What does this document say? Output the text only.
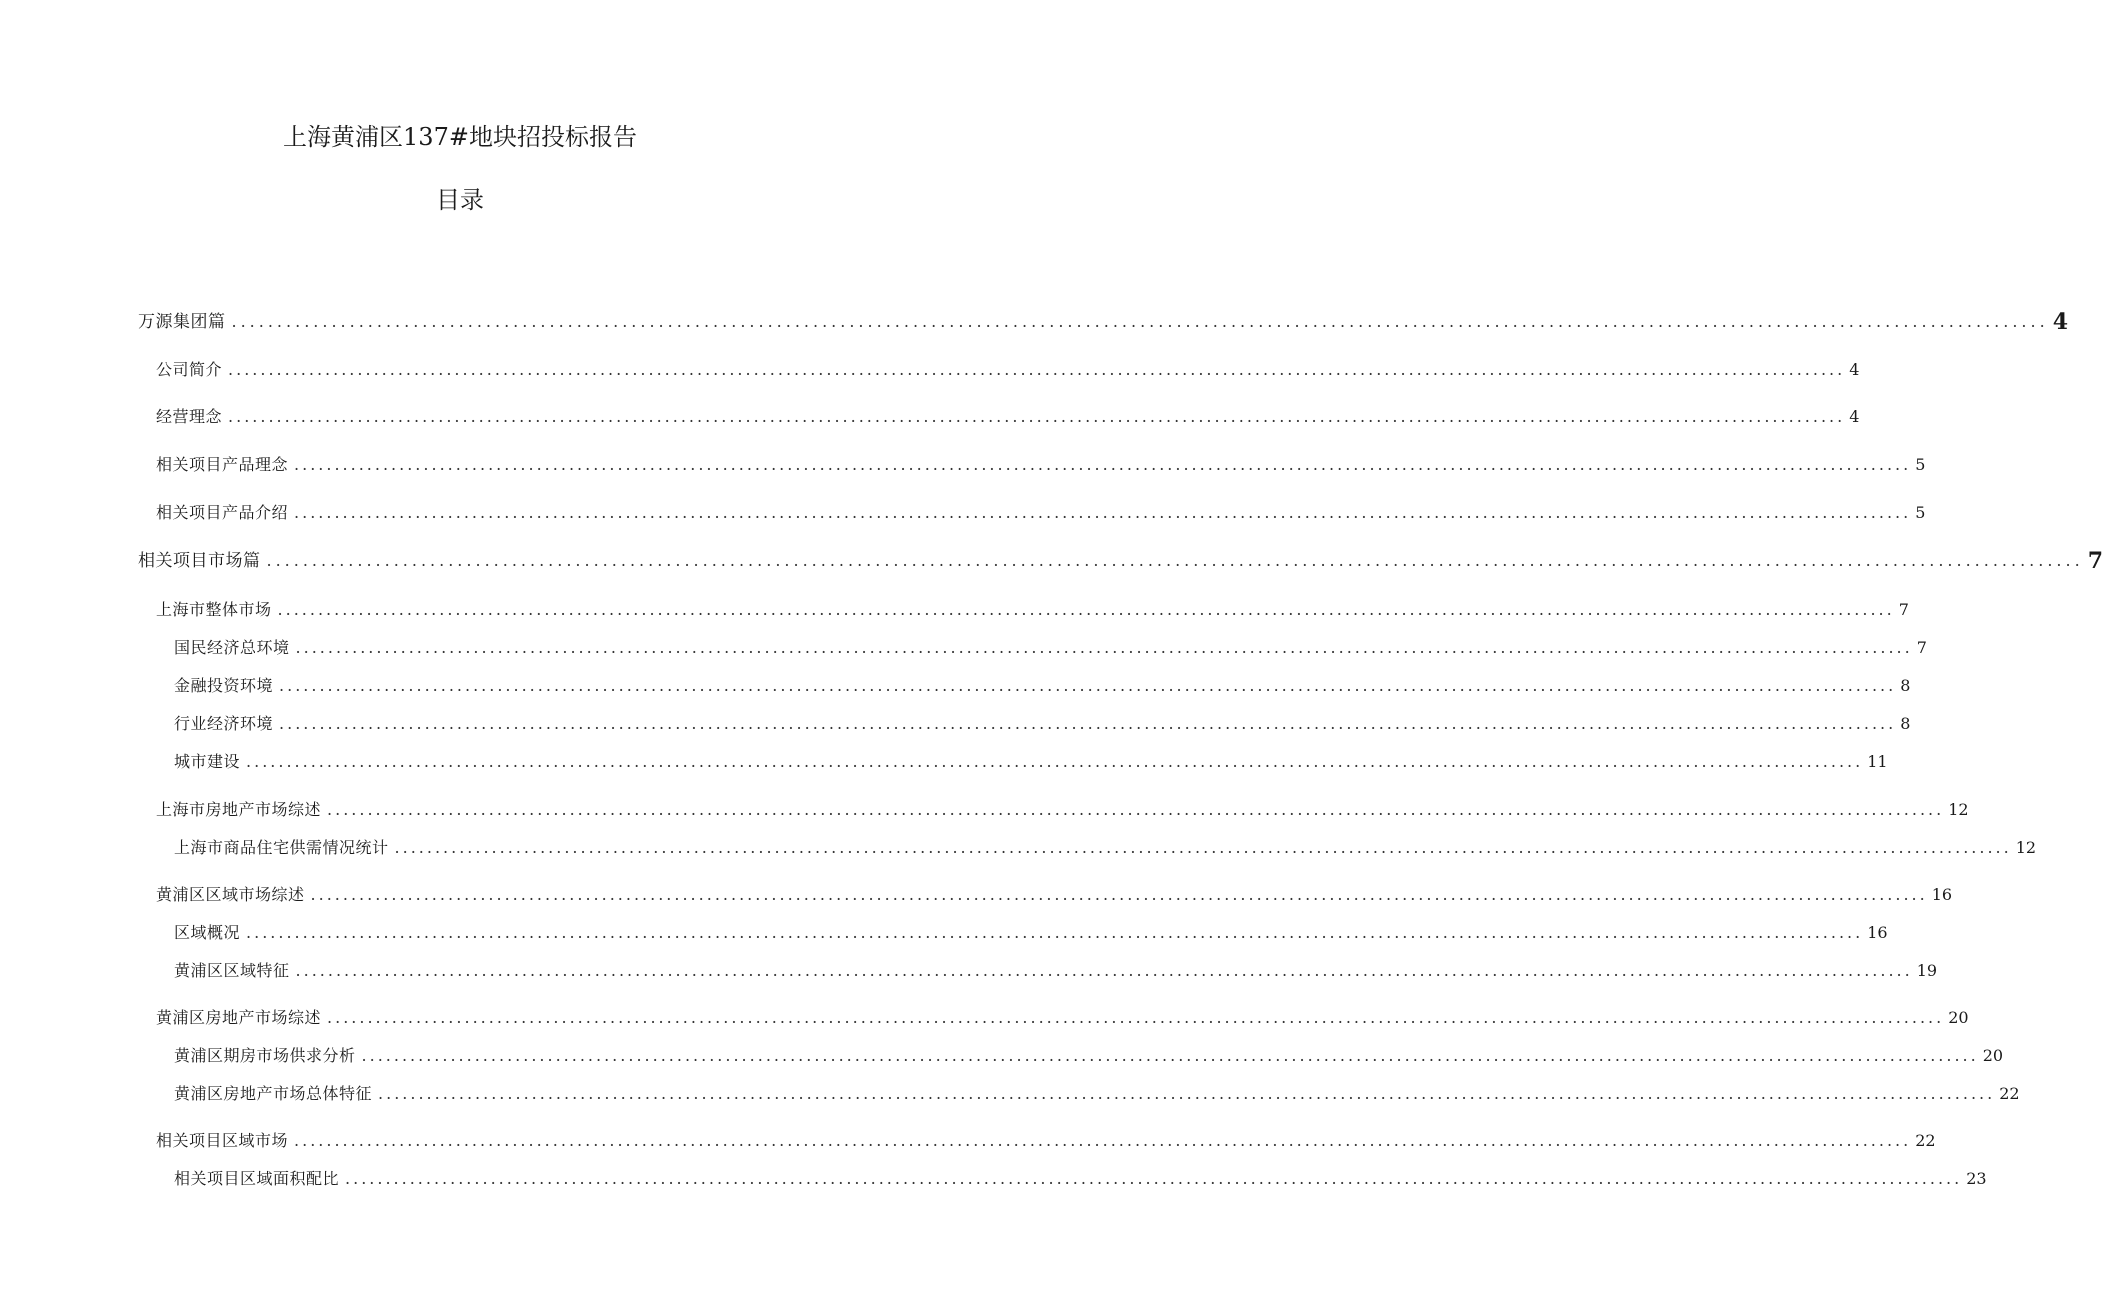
上海黄浦区137#地块招投标报告
目录
万源集团篇 ........................................................................................................................................................................................................ 4
公司简介 ........................................................................................................................................................................................................ 4
经营理念 ........................................................................................................................................................................................................ 4
相关项目产品理念 ........................................................................................................................................................................................................ 5
相关项目产品介绍 ........................................................................................................................................................................................................ 5
相关项目市场篇 ........................................................................................................................................................................................................ 7
上海市整体市场 ........................................................................................................................................................................................................ 7
国民经济总环境 ........................................................................................................................................................................................................ 7
金融投资环境 ........................................................................................................................................................................................................ 8
行业经济环境 ........................................................................................................................................................................................................ 8
城市建设 ........................................................................................................................................................................................................ 11
上海市房地产市场综述 ........................................................................................................................................................................................................ 12
上海市商品住宅供需情况统计 ........................................................................................................................................................................................................ 12
黄浦区区域市场综述 ........................................................................................................................................................................................................ 16
区域概况 ........................................................................................................................................................................................................ 16
黄浦区区域特征 ........................................................................................................................................................................................................ 19
黄浦区房地产市场综述 ........................................................................................................................................................................................................ 20
黄浦区期房市场供求分析 ........................................................................................................................................................................................................ 20
黄浦区房地产市场总体特征 ........................................................................................................................................................................................................ 22
相关项目区域市场 ........................................................................................................................................................................................................ 22
相关项目区域面积配比 ........................................................................................................................................................................................................ 23
